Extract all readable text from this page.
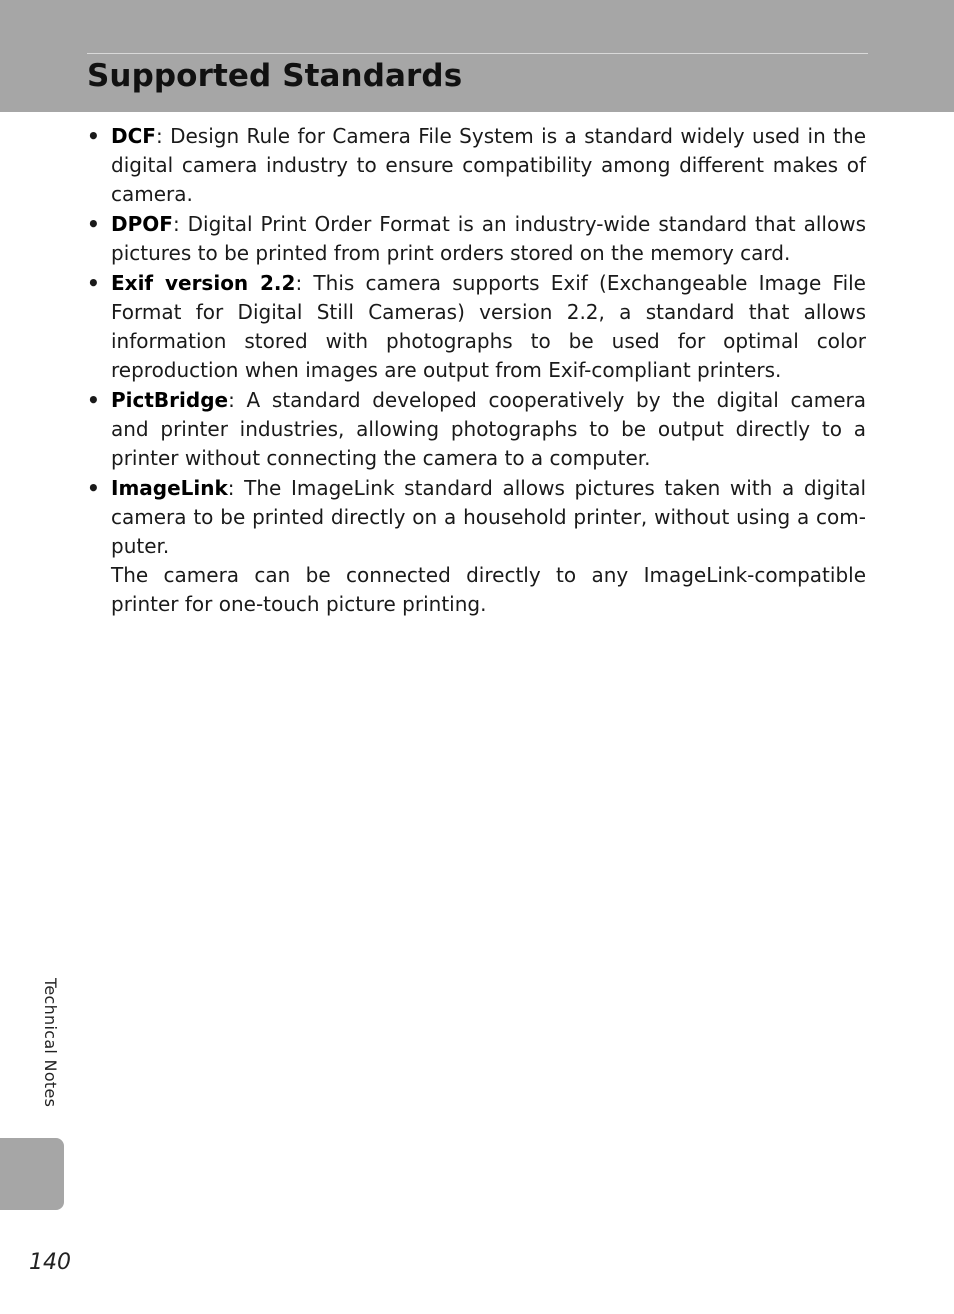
Supported Standards
• DCF: Design Rule for Camera File System is a standard widely used in the digital camera industry to ensure compatibility among different makes of camera.
• DPOF: Digital Print Order Format is an industry-wide standard that allows pictures to be printed from print orders stored on the memory card.
• Exif version 2.2: This camera supports Exif (Exchangeable Image File Format for Digital Still Cameras) version 2.2, a standard that allows information stored with photographs to be used for optimal color reproduction when images are output from Exif-compliant printers.
• PictBridge: A standard developed cooperatively by the digital camera and printer industries, allowing photographs to be output directly to a printer without connecting the camera to a computer.
• ImageLink: The ImageLink standard allows pictures taken with a digital camera to be printed directly on a household printer, without using a computer.
The camera can be connected directly to any ImageLink-compatible printer for one-touch picture printing.
Technical Notes
140
